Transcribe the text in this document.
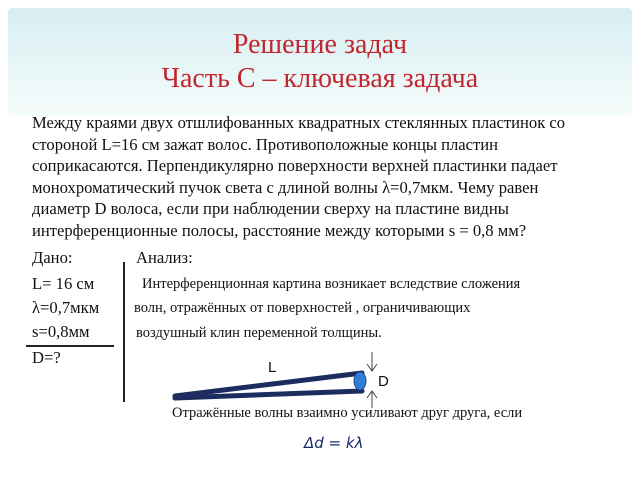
Решение задач
Часть С – ключевая задача
Между краями двух отшлифованных квадратных стеклянных пластинок со
стороной L=16 см зажат волос. Противоположные концы пластин
соприкасаются. Перпендикулярно поверхности верхней пластинки падает
монохроматический пучок света с длиной волны λ=0,7мкм. Чему равен
диаметр D волоса, если при наблюдении сверху на пластине видны
интерференционные полосы, расстояние между которыми s = 0,8 мм?
Дано:	Анализ:
L= 16 см
λ=0,7мкм
s=0,8мм
D=?
Интерференционная картина возникает вследствие сложения
волн, отражённых от поверхностей , ограничивающих
воздушный клин переменной толщины.
Отражённые волны взаимно усиливают друг друга, если
L
D
Δd = kλ
